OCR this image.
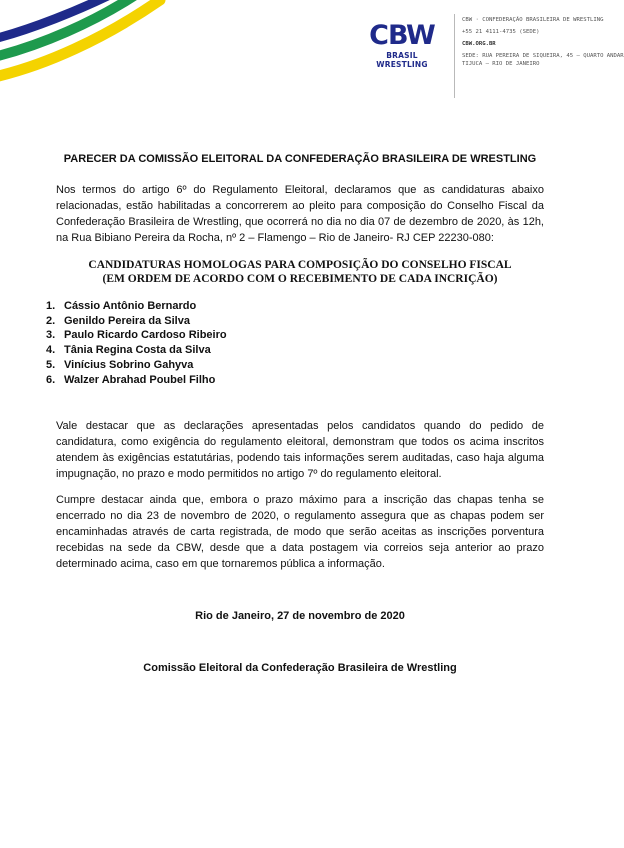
CBW
BRASIL WRESTLING
CBW · CONFEDERAÇÃO BRASILEIRA DE WRESTLING
+55 21 4111-4735 (SEDE)
CBW.ORG.BR
SEDE: RUA PEREIRA DE SIQUEIRA, 45 – QUARTO ANDAR
TIJUCA – RIO DE JANEIRO
PARECER DA COMISSÃO ELEITORAL DA CONFEDERAÇÃO BRASILEIRA DE WRESTLING

Nos termos do artigo 6º do Regulamento Eleitoral, declaramos que as candidaturas abaixo relacionadas, estão habilitadas a concorrerem ao pleito para composição do Conselho Fiscal da Confederação Brasileira de Wrestling, que ocorrerá no dia no dia 07 de dezembro de 2020, às 12h, na Rua Bibiano Pereira da Rocha, nº 2 – Flamengo – Rio de Janeiro- RJ CEP 22230-080:

CANDIDATURAS HOMOLOGAS PARA COMPOSIÇÃO DO CONSELHO FISCAL
(EM ORDEM DE ACORDO COM O RECEBIMENTO DE CADA INCRIÇÃO)
1. Cássio Antônio Bernardo
2. Genildo Pereira da Silva
3. Paulo Ricardo Cardoso Ribeiro
4. Tânia Regina Costa da Silva
5. Vinícius Sobrino Gahyva
6. Walzer Abrahad Poubel Filho

Vale destacar que as declarações apresentadas pelos candidatos quando do pedido de candidatura, como exigência do regulamento eleitoral, demonstram que todos os acima inscritos atendem às exigências estatutárias, podendo tais informações serem auditadas, caso haja alguma impugnação, no prazo e modo permitidos no artigo 7º do regulamento eleitoral.

Cumpre destacar ainda que, embora o prazo máximo para a inscrição das chapas tenha se encerrado no dia 23 de novembro de 2020, o regulamento assegura que as chapas podem ser encaminhadas através de carta registrada, de modo que serão aceitas as inscrições porventura recebidas na sede da CBW, desde que a data postagem via correios seja anterior ao prazo determinado acima, caso em que tornaremos pública a informação.

Rio de Janeiro, 27 de novembro de 2020
Comissão Eleitoral da Confederação Brasileira de Wrestling
